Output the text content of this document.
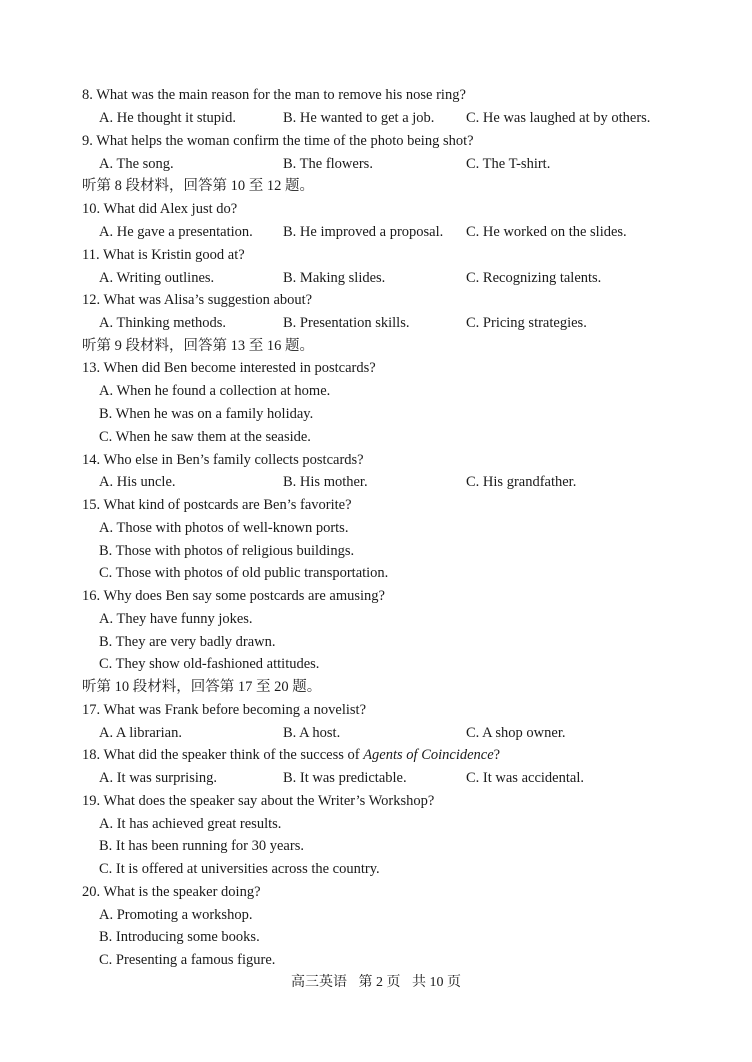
8. What was the main reason for the man to remove his nose ring?
A. He thought it stupid.	B. He wanted to get a job. C. He was laughed at by others.
9. What helps the woman confirm the time of the photo being shot?
A. The song.	B. The flowers.	C. The T-shirt.
听第 8 段材料，回答第 10 至 12 题。
10. What did Alex just do?
A. He gave a presentation. B. He improved a proposal. C. He worked on the slides.
11. What is Kristin good at?
A. Writing outlines.	B. Making slides.	C. Recognizing talents.
12. What was Alisa’s suggestion about?
A. Thinking methods.	B. Presentation skills.	C. Pricing strategies.
听第 9 段材料，回答第 13 至 16 题。
13. When did Ben become interested in postcards?
A. When he found a collection at home.
B. When he was on a family holiday.
C. When he saw them at the seaside.
14. Who else in Ben’s family collects postcards?
A. His uncle.	B. His mother.	C. His grandfather.
15. What kind of postcards are Ben’s favorite?
A. Those with photos of well-known ports.
B. Those with photos of religious buildings.
C. Those with photos of old public transportation.
16. Why does Ben say some postcards are amusing?
A. They have funny jokes.
B. They are very badly drawn.
C. They show old-fashioned attitudes.
听第 10 段材料，回答第 17 至 20 题。
17. What was Frank before becoming a novelist?
A. A librarian.	B. A host.	C. A shop owner.
18. What did the speaker think of the success of Agents of Coincidence?
A. It was surprising.	B. It was predictable.	C. It was accidental.
19. What does the speaker say about the Writer’s Workshop?
A. It has achieved great results.
B. It has been running for 30 years.
C. It is offered at universities across the country.
20. What is the speaker doing?
A. Promoting a workshop.
B. Introducing some books.
C. Presenting a famous figure.
高三英语 第 2 页 共 10 页
